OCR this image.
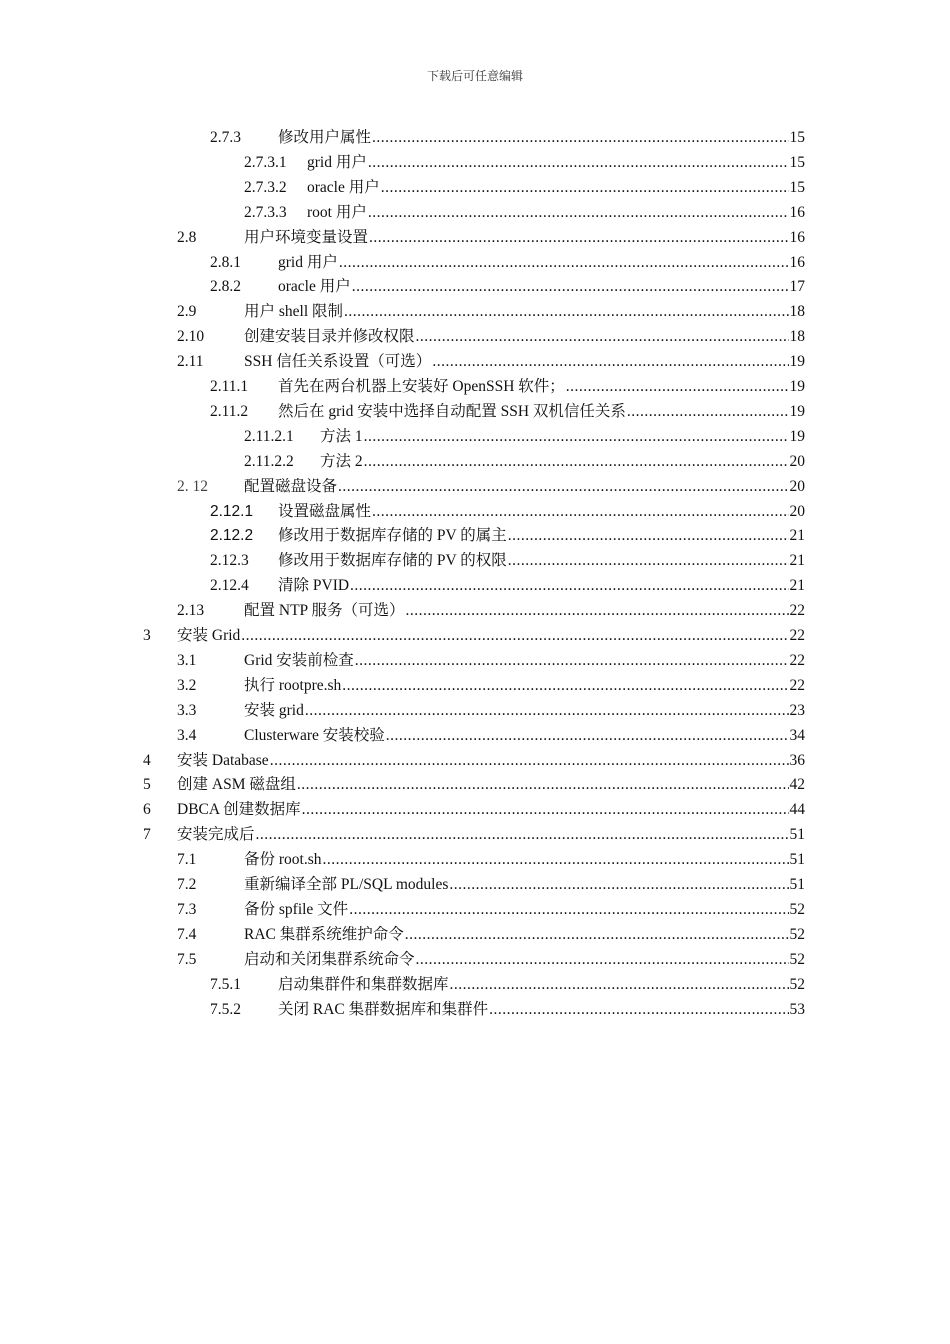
下载后可任意编辑
2.7.3 修改用户属性 .....	15
2.7.3.1 grid 用户 .....	15
2.7.3.2 oracle 用户 .....	15
2.7.3.3 root 用户 .....	16
2.8	用户环境变量设置 .....	16
2.8.1 grid 用户 .....	16
2.8.2 oracle 用户 .....	17
2.9	用户 shell 限制 .....	18
2.10	创建安装目录并修改权限 .....	18
2.11	SSH 信任关系设置（可选） .....	19
2.11.1 首先在两台机器上安装好 OpenSSH 软件； .....	19
2.11.2 然后在 grid 安装中选择自动配置 SSH 双机信任关系 .....	19
2.11.2.1 方法 1 .....	19
2.11.2.2 方法 2 .....	20
2. 12 配置磁盘设备 .....	20
2.12.1 设置磁盘属性 .....	20
2.12.2 修改用于数据库存储的 PV 的属主 .....	21
2.12.3 修改用于数据库存储的 PV 的权限 .....	21
2.12.4 清除 PVID .....	21
2.13	配置 NTP 服务（可选） .....	22
3 安装 Grid .....	22
3.1	Grid 安装前检查 .....	22
3.2	执行 rootpre.sh .....	22
3.3	安装 grid .....	23
3.4	Clusterware 安装校验 .....	34
4 安装 Database .....	36
5 创建 ASM 磁盘组 .....	42
6 DBCA 创建数据库 .....	44
7 安装完成后 .....	51
7.1	备份 root.sh .....	51
7.2	重新编译全部 PL/SQL modules .....	51
7.3	备份 spfile 文件 .....	52
7.4	RAC 集群系统维护命令 .....	52
7.5	启动和关闭集群系统命令 .....	52
7.5.1 启动集群件和集群数据库 .....	52
7.5.2 关闭 RAC 集群数据库和集群件 .....	53
